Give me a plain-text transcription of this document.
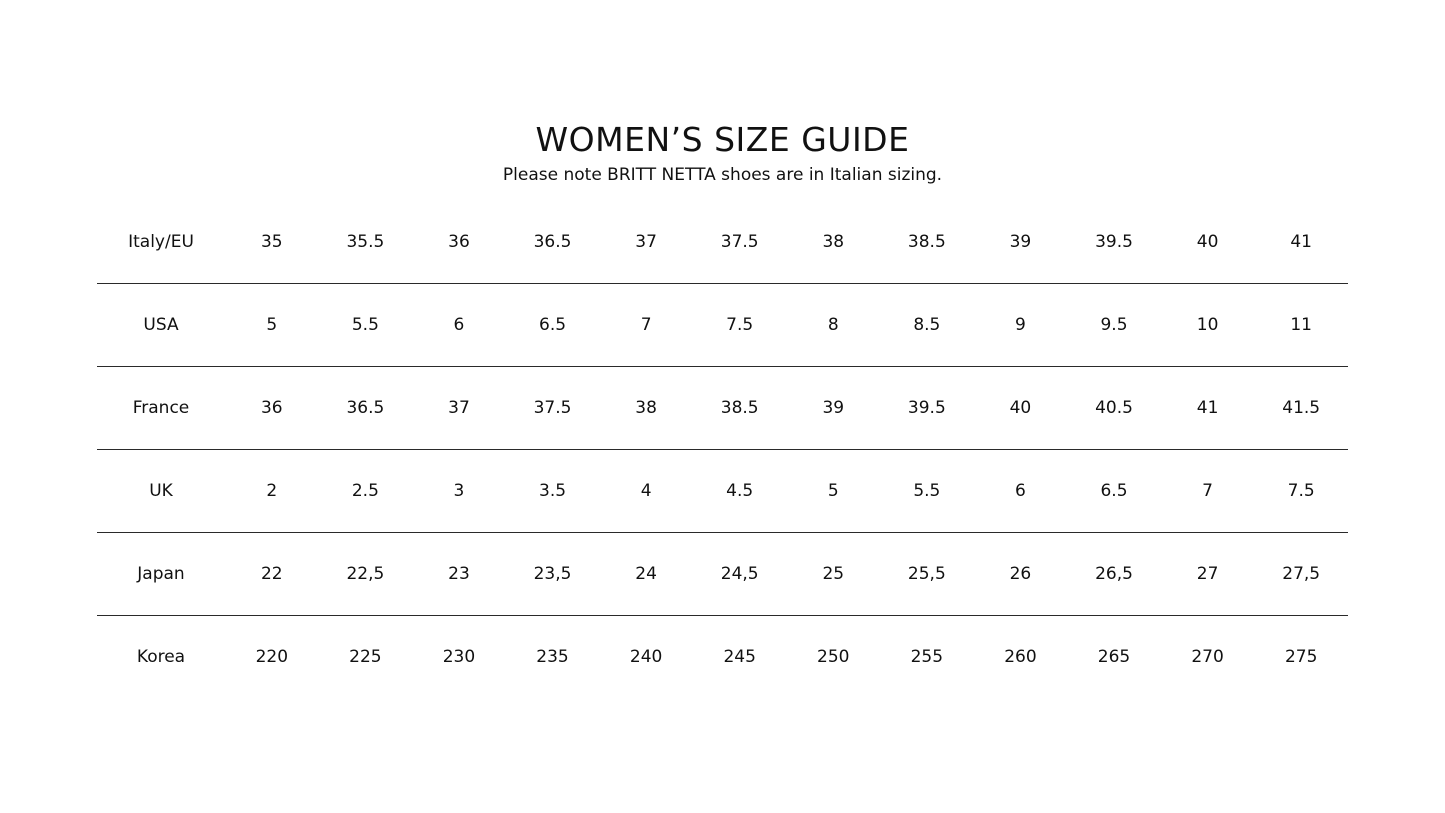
WOMEN’S SIZE GUIDE

Please note BRITT NETTA shoes are in Italian sizing.

Italy/EU	35	35.5	36	36.5	37	37.5	38	38.5	39	39.5	40	41
USA	5	5.5	6	6.5	7	7.5	8	8.5	9	9.5	10	11
France	36	36.5	37	37.5	38	38.5	39	39.5	40	40.5	41	41.5
UK	2	2.5	3	3.5	4	4.5	5	5.5	6	6.5	7	7.5
Japan	22	22,5	23	23,5	24	24,5	25	25,5	26	26,5	27	27,5
Korea	220	225	230	235	240	245	250	255	260	265	270	275
